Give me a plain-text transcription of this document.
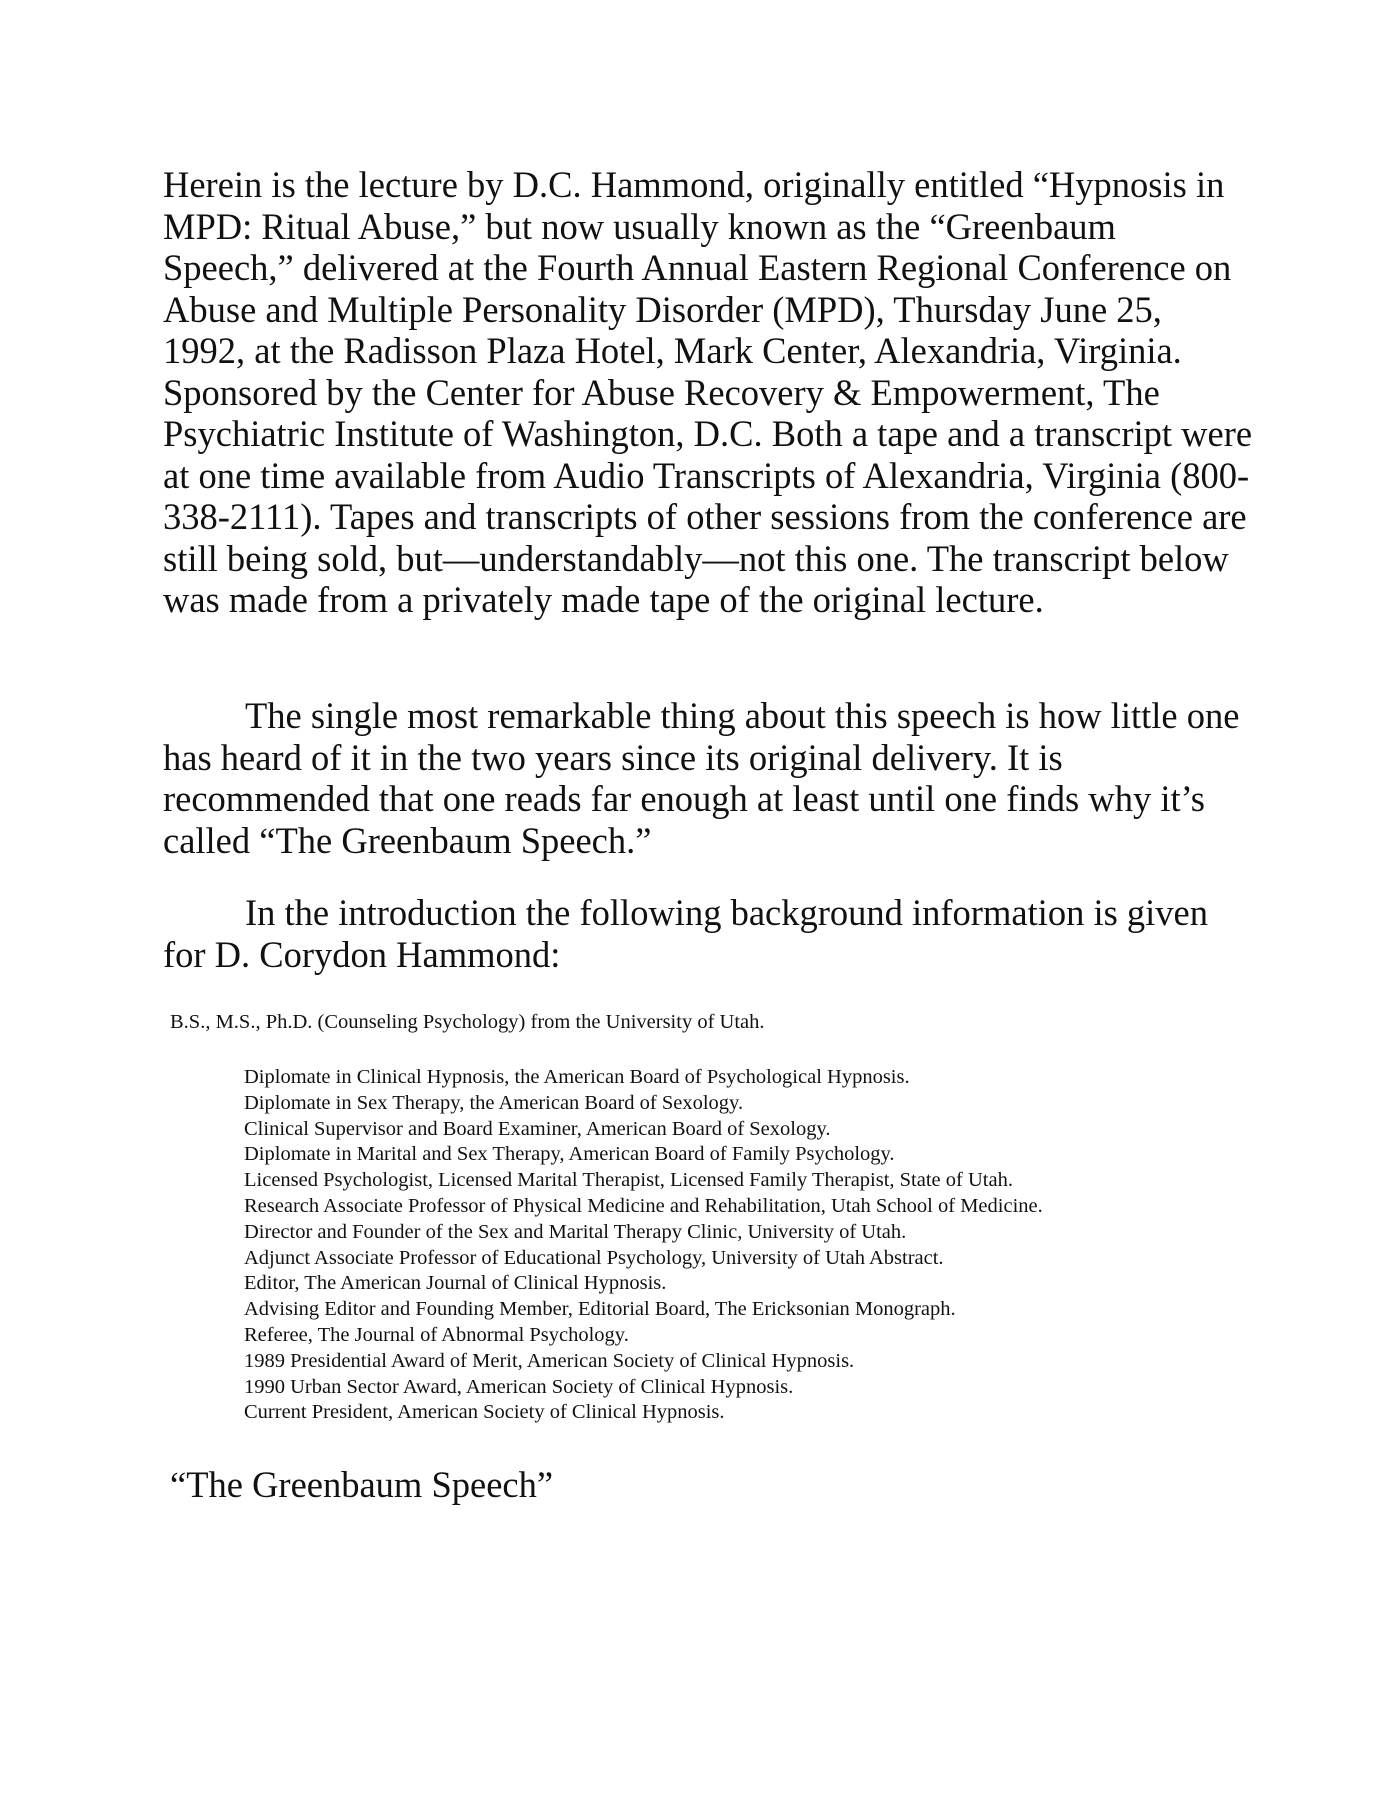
Herein is the lecture by D.C. Hammond, originally entitled “Hypnosis in MPD: Ritual Abuse,” but now usually known as the “Greenbaum Speech,” delivered at the Fourth Annual Eastern Regional Conference on Abuse and Multiple Personality Disorder (MPD), Thursday June 25, 1992, at the Radisson Plaza Hotel, Mark Center, Alexandria, Virginia. Sponsored by the Center for Abuse Recovery & Empowerment, The Psychiatric Institute of Washington, D.C. Both a tape and a transcript were at one time available from Audio Transcripts of Alexandria, Virginia (800-338-2111). Tapes and transcripts of other sessions from the conference are still being sold, but—understandably—not this one. The transcript below was made from a privately made tape of the original lecture.

The single most remarkable thing about this speech is how little one has heard of it in the two years since its original delivery. It is recommended that one reads far enough at least until one finds why it’s called “The Greenbaum Speech.”

In the introduction the following background information is given for D. Corydon Hammond:

B.S., M.S., Ph.D. (Counseling Psychology) from the University of Utah.

Diplomate in Clinical Hypnosis, the American Board of Psychological Hypnosis.
Diplomate in Sex Therapy, the American Board of Sexology.
Clinical Supervisor and Board Examiner, American Board of Sexology.
Diplomate in Marital and Sex Therapy, American Board of Family Psychology.
Licensed Psychologist, Licensed Marital Therapist, Licensed Family Therapist, State of Utah.
Research Associate Professor of Physical Medicine and Rehabilitation, Utah School of Medicine.
Director and Founder of the Sex and Marital Therapy Clinic, University of Utah.
Adjunct Associate Professor of Educational Psychology, University of Utah Abstract.
Editor, The American Journal of Clinical Hypnosis.
Advising Editor and Founding Member, Editorial Board, The Ericksonian Monograph.
Referee, The Journal of Abnormal Psychology.
1989 Presidential Award of Merit, American Society of Clinical Hypnosis.
1990 Urban Sector Award, American Society of Clinical Hypnosis.
Current President, American Society of Clinical Hypnosis.
“The Greenbaum Speech”
